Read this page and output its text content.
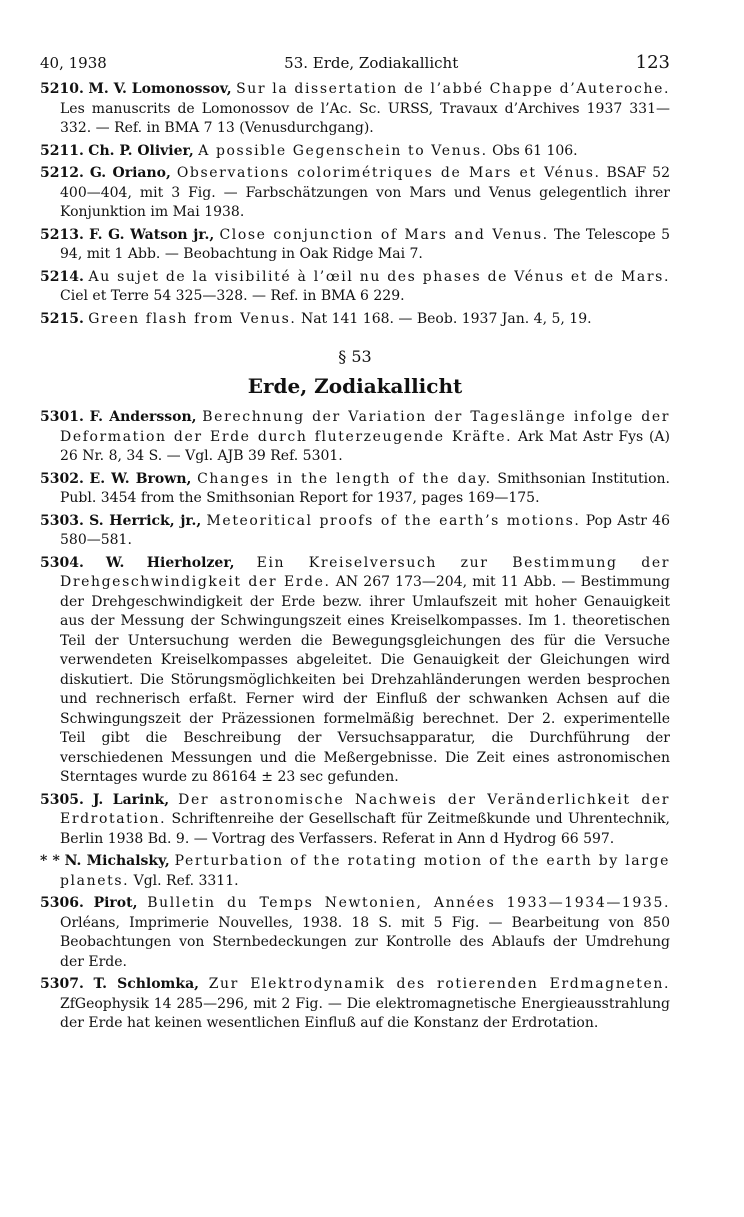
40, 1938	53. Erde, Zodiakallicht	123
5210. M. V. Lomonossov, Sur la dissertation de l’abbé Chappe d’Auteroche. Les manuscrits de Lomonossov de l’Ac. Sc. URSS, Travaux d’Archives 1937 331—332. — Ref. in BMA 7 13 (Venusdurchgang).
5211. Ch. P. Olivier, A possible Gegenschein to Venus. Obs 61 106.
5212. G. Oriano, Observations colorimétriques de Mars et Vénus. BSAF 52 400—404, mit 3 Fig. — Farbschätzungen von Mars und Venus gelegentlich ihrer Konjunktion im Mai 1938.
5213. F. G. Watson jr., Close conjunction of Mars and Venus. The Telescope 5 94, mit 1 Abb. — Beobachtung in Oak Ridge Mai 7.
5214. Au sujet de la visibilité à l’œil nu des phases de Vénus et de Mars. Ciel et Terre 54 325—328. — Ref. in BMA 6 229.
5215. Green flash from Venus. Nat 141 168. — Beob. 1937 Jan. 4, 5, 19.
§ 53
Erde, Zodiakallicht
5301. F. Andersson, Berechnung der Variation der Tageslänge infolge der Deformation der Erde durch fluterzeugende Kräfte. Ark Mat Astr Fys (A) 26 Nr. 8, 34 S. — Vgl. AJB 39 Ref. 5301.
5302. E. W. Brown, Changes in the length of the day. Smithsonian Institution. Publ. 3454 from the Smithsonian Report for 1937, pages 169—175.
5303. S. Herrick, jr., Meteoritical proofs of the earth’s motions. Pop Astr 46 580—581.
5304. W. Hierholzer, Ein Kreiselversuch zur Bestimmung der Drehgeschwindigkeit der Erde. AN 267 173—204, mit 11 Abb. — Bestimmung der Drehgeschwindigkeit der Erde bezw. ihrer Umlaufszeit mit hoher Genauigkeit aus der Messung der Schwingungszeit eines Kreiselkompasses. Im 1. theoretischen Teil der Untersuchung werden die Bewegungsgleichungen des für die Versuche verwendeten Kreiselkompasses abgeleitet. Die Genauigkeit der Gleichungen wird diskutiert. Die Störungsmöglichkeiten bei Drehzahländerungen werden besprochen und rechnerisch erfaßt. Ferner wird der Einfluß der schwanken Achsen auf die Schwingungszeit der Präzessionen formelmäßig berechnet. Der 2. experimentelle Teil gibt die Beschreibung der Versuchsapparatur, die Durchführung der verschiedenen Messungen und die Meßergebnisse. Die Zeit eines astronomischen Sterntages wurde zu 86164 ± 23 sec gefunden.
5305. J. Larink, Der astronomische Nachweis der Veränderlichkeit der Erdrotation. Schriftenreihe der Gesellschaft für Zeitmeßkunde und Uhrentechnik, Berlin 1938 Bd. 9. — Vortrag des Verfassers. Referat in Ann d Hydrog 66 597.
* * N. Michalsky, Perturbation of the rotating motion of the earth by large planets. Vgl. Ref. 3311.
5306. Pirot, Bulletin du Temps Newtonien, Années 1933—1934—1935. Orléans, Imprimerie Nouvelles, 1938. 18 S. mit 5 Fig. — Bearbeitung von 850 Beobachtungen von Sternbedeckungen zur Kontrolle des Ablaufs der Umdrehung der Erde.
5307. T. Schlomka, Zur Elektrodynamik des rotierenden Erdmagneten. ZfGeophysik 14 285—296, mit 2 Fig. — Die elektromagnetische Energieausstrahlung der Erde hat keinen wesentlichen Einfluß auf die Konstanz der Erdrotation.
